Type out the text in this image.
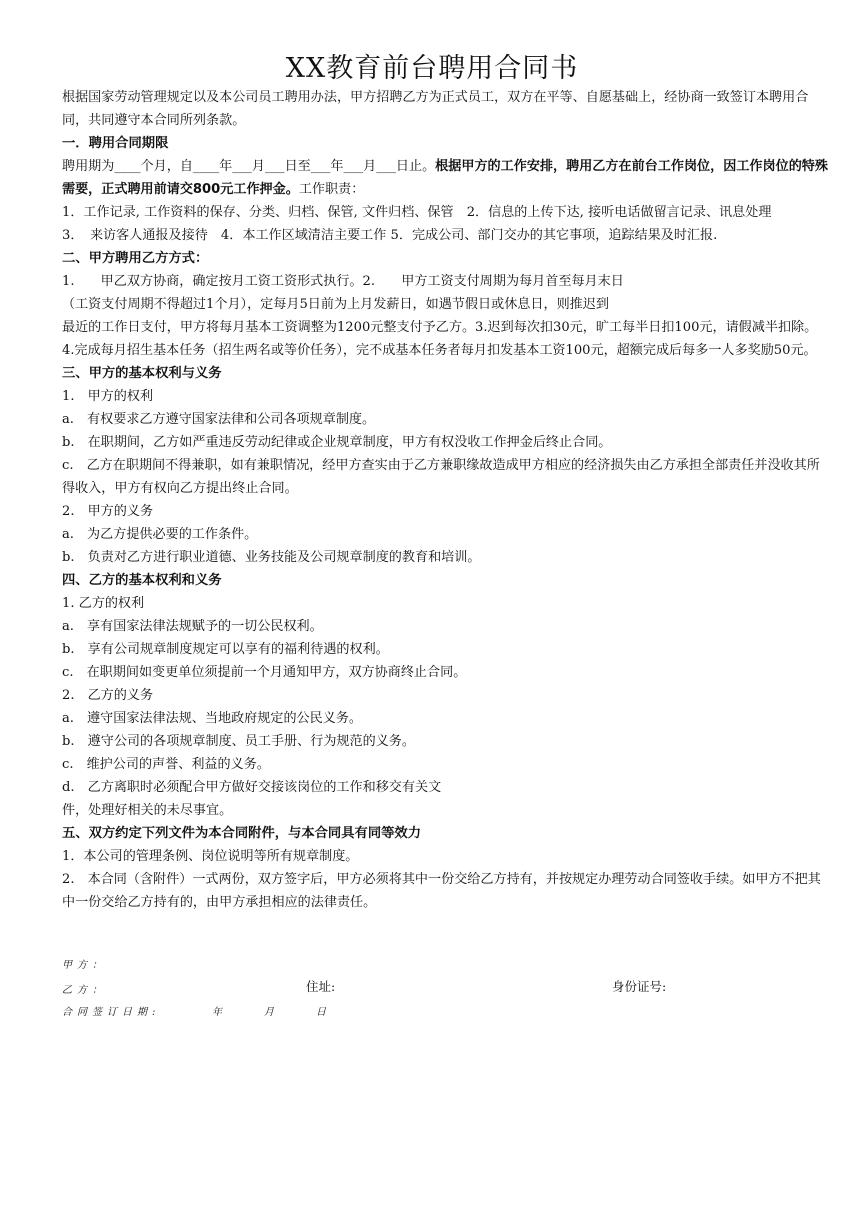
XX教育前台聘用合同书

根据国家劳动管理规定以及本公司员工聘用办法，甲方招聘乙方为正式员工，双方在平等、自愿基础上，经协商一致签订本聘用合同，共同遵守本合同所列条款。

一．聘用合同期限

聘用期为____个月，自____年___月___日至___年___月___日止。根据甲方的工作安排，聘用乙方在前台工作岗位，因工作岗位的特殊需要，正式聘用前请交800元工作押金。工作职责：

1．工作记录, 工作资料的保存、分类、归档、保管, 文件归档、保管　2．信息的上传下达, 接听电话做留言记录、讯息处理

3．　来访客人通报及接待　4．本工作区域清洁主要工作 5．完成公司、部门交办的其它事项，追踪结果及时汇报.

二、甲方聘用乙方方式：

1.　　甲乙双方协商，确定按月工资工资形式执行。2.　　甲方工资支付周期为每月首至每月末日

（工资支付周期不得超过1个月），定每月5日前为上月发薪日，如遇节假日或休息日，则推迟到

最近的工作日支付，甲方将每月基本工资调整为1200元整支付予乙方。3.迟到每次扣30元，旷工每半日扣100元，请假减半扣除。4.完成每月招生基本任务（招生两名或等价任务），完不成基本任务者每月扣发基本工资100元，超额完成后每多一人多奖励50元。

三、甲方的基本权利与义务

1.　甲方的权利

a.　有权要求乙方遵守国家法律和公司各项规章制度。

b.　在职期间，乙方如严重违反劳动纪律或企业规章制度，甲方有权没收工作押金后终止合同。

c.　乙方在职期间不得兼职，如有兼职情况，经甲方查实由于乙方兼职缘故造成甲方相应的经济损失由乙方承担全部责任并没收其所得收入，甲方有权向乙方提出终止合同。

2.　甲方的义务

a.　为乙方提供必要的工作条件。

b.　负责对乙方进行职业道德、业务技能及公司规章制度的教育和培训。

四、乙方的基本权利和义务

1. 乙方的权利

a.　享有国家法律法规赋予的一切公民权利。

b.　享有公司规章制度规定可以享有的福利待遇的权利。

c.　在职期间如变更单位须提前一个月通知甲方，双方协商终止合同。

2.　乙方的义务

a.　遵守国家法律法规、当地政府规定的公民义务。

b.　遵守公司的各项规章制度、员工手册、行为规范的义务。

c.　维护公司的声誉、利益的义务。

d.　乙方离职时必须配合甲方做好交接该岗位的工作和移交有关文

件，处理好相关的未尽事宜。

五、双方约定下列文件为本合同附件，与本合同具有同等效力

1．本公司的管理条例、岗位说明等所有规章制度。

2.　本合同（含附件）一式两份，双方签字后，甲方必须将其中一份交给乙方持有，并按规定办理劳动合同签收手续。如甲方不把其中一份交给乙方持有的，由甲方承担相应的法律责任。

甲方：
乙方：	住址:	身份证号:
合同签订日期:	年	月	日
